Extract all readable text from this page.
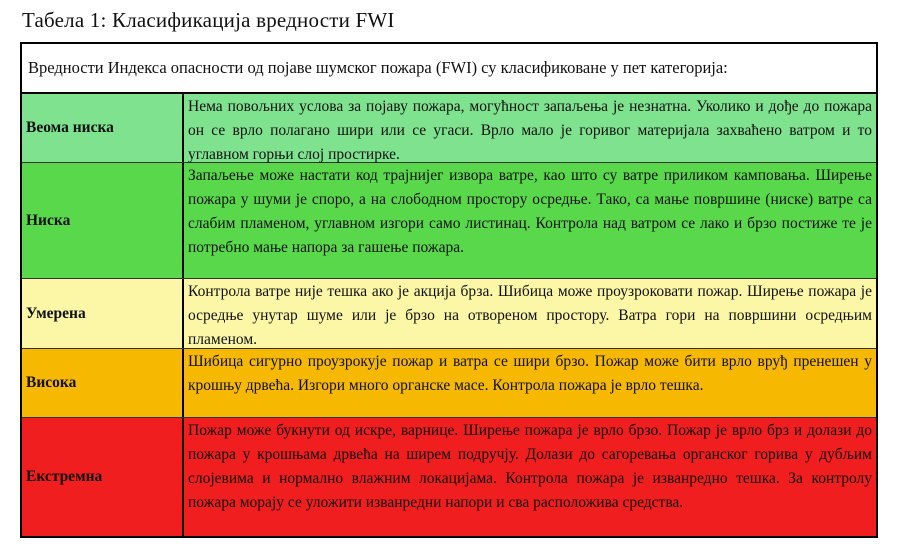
Табела 1: Класификација вредности FWI
Вредности Индекса опасности од појаве шумског пожара (FWI) су класификоване у пет категорија:
Веома ниска
Нема повољних услова за појаву пожара, могућност запаљења је незнатна. Уколико и дође до пожара он се врло полагано шири или се угаси. Врло мало је горивог материјала захваћено ватром и то углавном горњи слој простирке.
Ниска
Запаљење може настати код трајнијег извора ватре, као што су ватре приликом камповања. Ширење пожара у шуми је споро, а на слободном простору осредње. Тако, са мање површине (ниске) ватре са слабим пламеном, углавном изгори само листинац. Контрола над ватром се лако и брзо постиже те је потребно мање напора за гашење пожара.
Умерена
Контрола ватре није тешка ако је акција брза. Шибица може проузроковати пожар. Ширење пожара је осредње унутар шуме или је брзо на отвореном простору. Ватра гори на површини осредњим пламеном.
Висока
Шибица сигурно проузрокује пожар и ватра се шири брзо. Пожар може бити врло вруђ пренешен у крошњу дрвећа. Изгори много органске масе. Контрола пожара је врло тешка.
Екстремна
Пожар може букнути од искре, варнице. Ширење пожара је врло брзо. Пожар је врло брз и долази до пожара у крошњама дрвећа на ширем подручју. Долази до сагоревања органског горива у дубљим слојевима и нормално влажним локацијама. Контрола пожара је изванредно тешка. За контролу пожара морају се уложити изванредни напори и сва расположива средства.
